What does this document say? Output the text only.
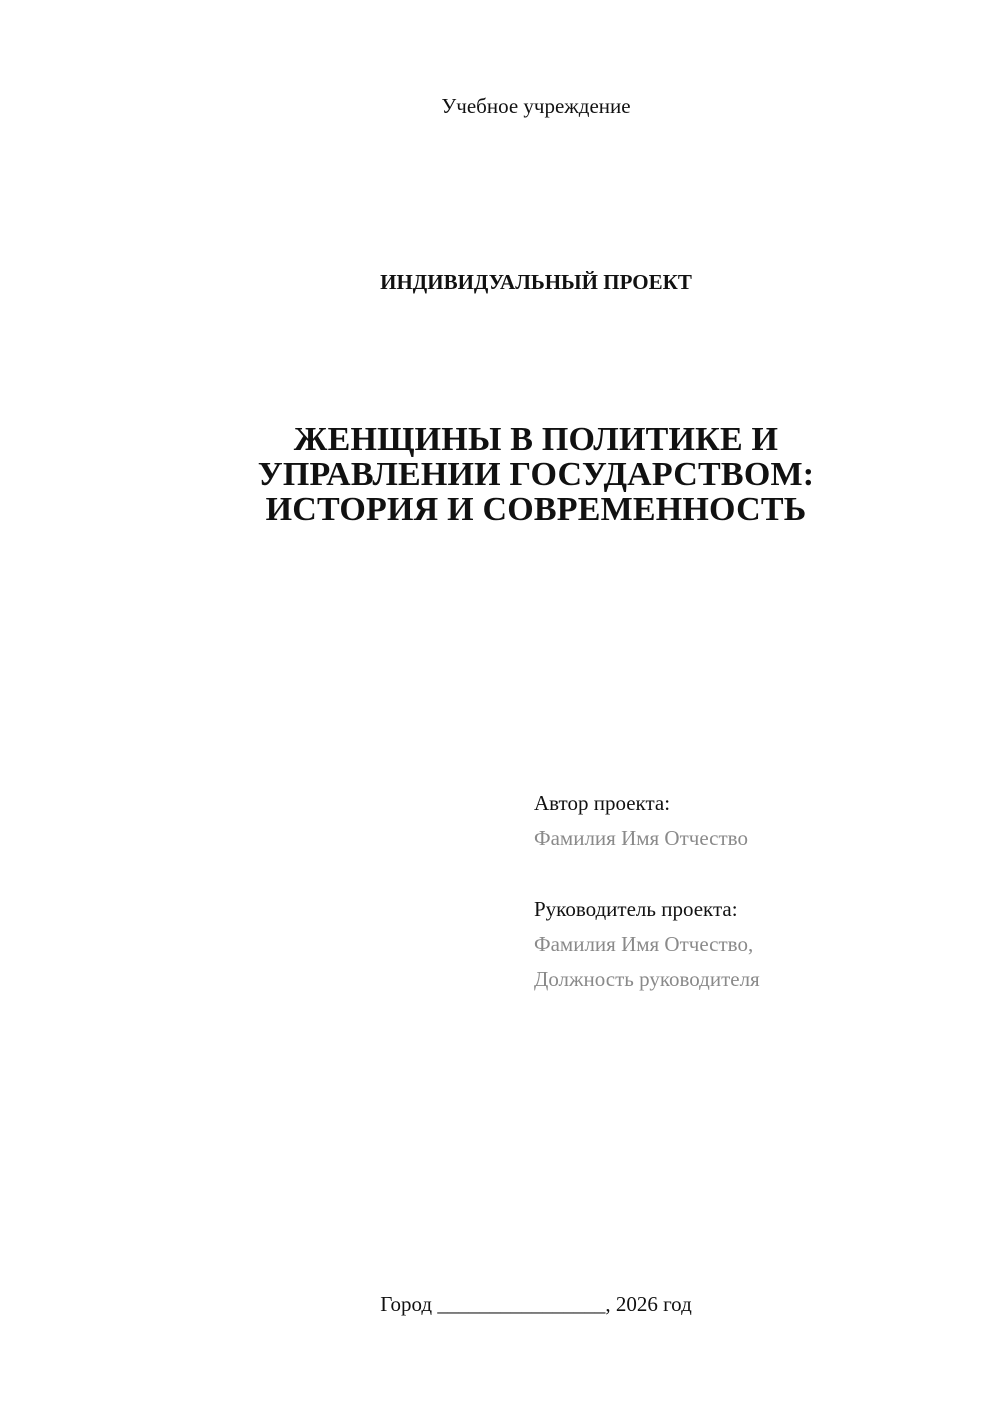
Учебное учреждение
ИНДИВИДУАЛЬНЫЙ ПРОЕКТ
ЖЕНЩИНЫ В ПОЛИТИКЕ И
УПРАВЛЕНИИ ГОСУДАРСТВОМ:
ИСТОРИЯ И СОВРЕМЕННОСТЬ
Автор проекта:
Фамилия Имя Отчество
Руководитель проекта:
Фамилия Имя Отчество,
Должность руководителя
Город ________________, 2026 год
